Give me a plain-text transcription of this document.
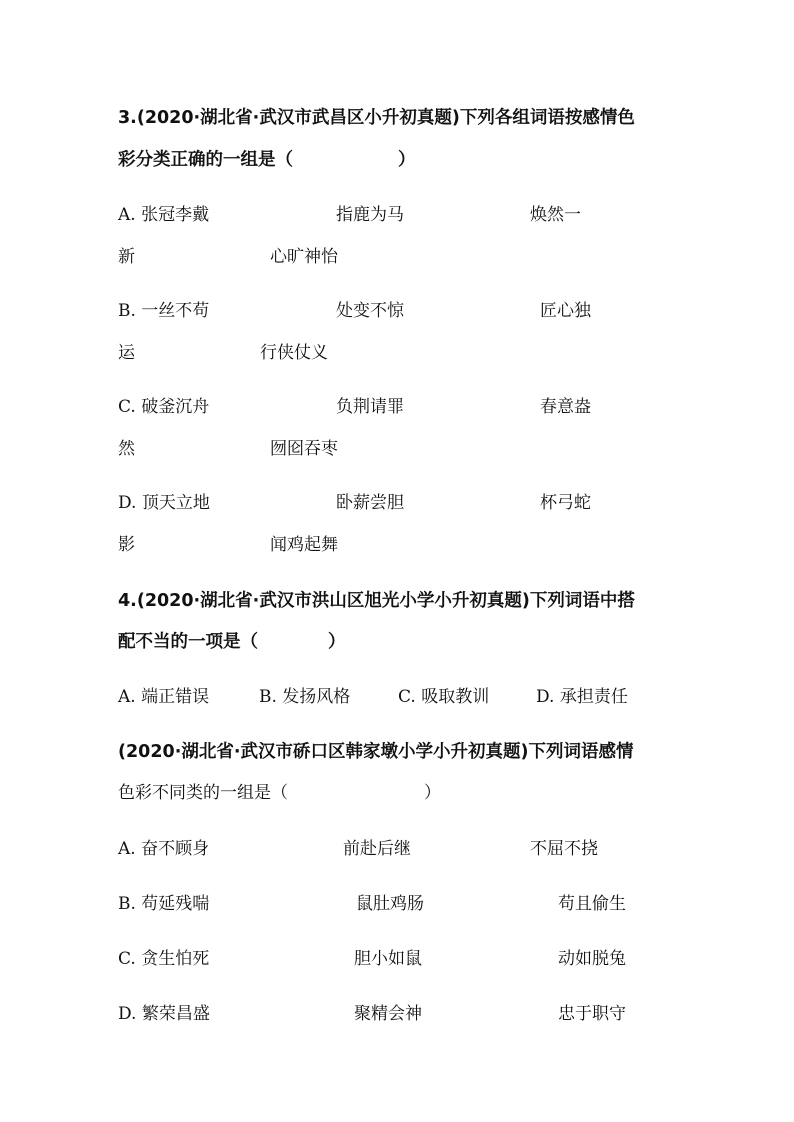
3.(2020·湖北省·武汉市武昌区小升初真题)下列各组词语按感情色
彩分类正确的一组是（　　　　　　）
A. 张冠李戴	指鹿为马	焕然一
新	心旷神怡
B. 一丝不苟	处变不惊	匠心独
运	行侠仗义
C. 破釜沉舟	负荆请罪	春意盎
然	囫囵吞枣
D. 顶天立地	卧薪尝胆	杯弓蛇
影	闻鸡起舞
4.(2020·湖北省·武汉市洪山区旭光小学小升初真题)下列词语中搭
配不当的一项是（　　　　）
A. 端正错误	B. 发扬风格	C. 吸取教训	D. 承担责任
(2020·湖北省·武汉市硚口区韩家墩小学小升初真题)下列词语感情
色彩不同类的一组是（　　　　　　　　）
A. 奋不顾身	前赴后继	不屈不挠
B. 苟延残喘	鼠肚鸡肠	苟且偷生
C. 贪生怕死	胆小如鼠	动如脱兔
D. 繁荣昌盛	聚精会神	忠于职守
